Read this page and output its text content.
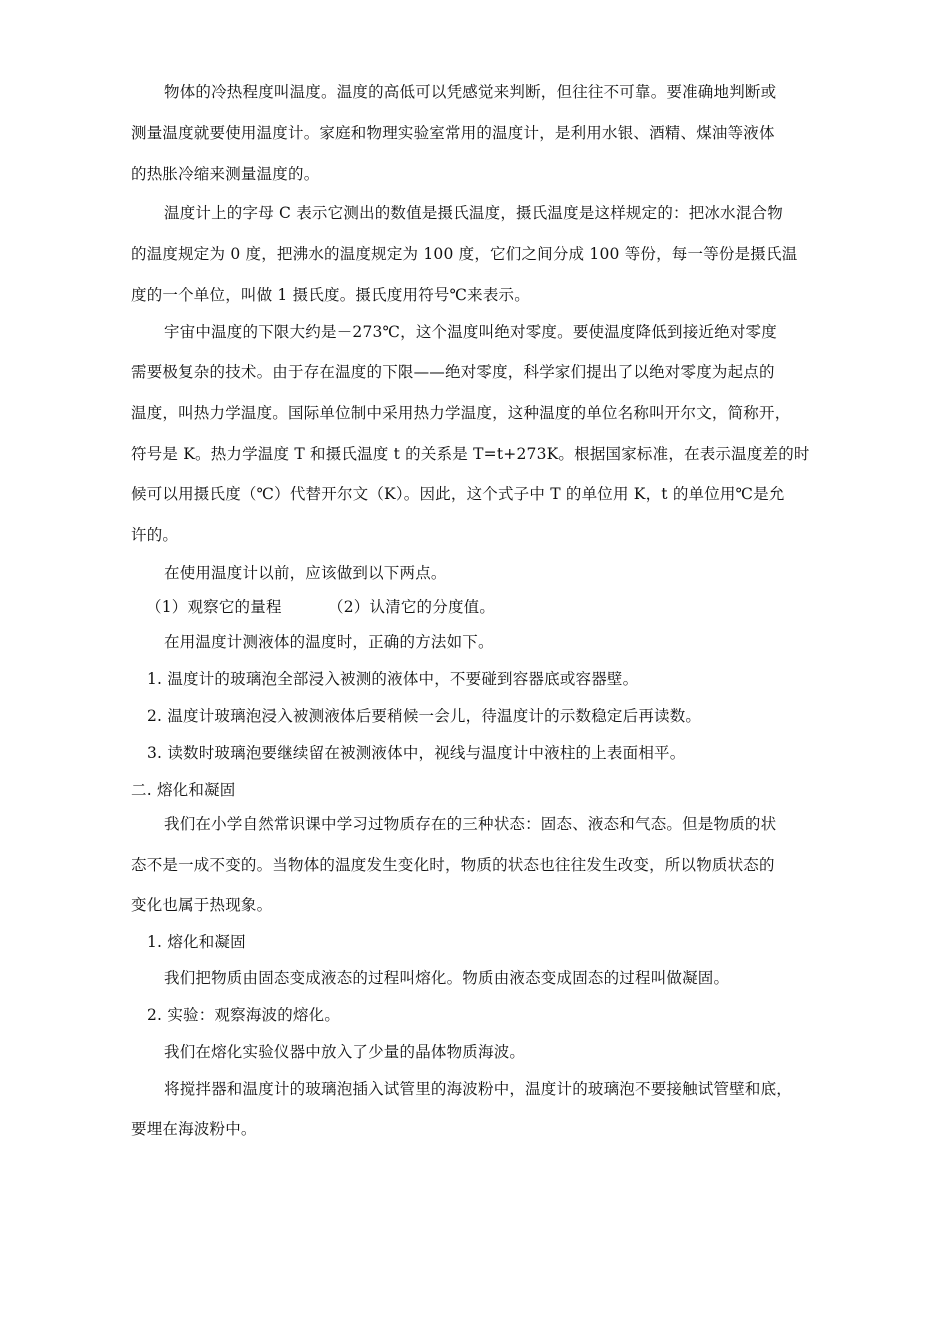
物体的冷热程度叫温度。温度的高低可以凭感觉来判断，但往往不可靠。要准确地判断或
测量温度就要使用温度计。家庭和物理实验室常用的温度计，是利用水银、酒精、煤油等液体
的热胀冷缩来测量温度的。
温度计上的字母 C 表示它测出的数值是摄氏温度，摄氏温度是这样规定的：把冰水混合物
的温度规定为 0 度，把沸水的温度规定为 100 度，它们之间分成 100 等份，每一等份是摄氏温
度的一个单位，叫做 1 摄氏度。摄氏度用符号℃来表示。
宇宙中温度的下限大约是－273℃，这个温度叫绝对零度。要使温度降低到接近绝对零度
需要极复杂的技术。由于存在温度的下限——绝对零度，科学家们提出了以绝对零度为起点的
温度，叫热力学温度。国际单位制中采用热力学温度，这种温度的单位名称叫开尔文，简称开，
符号是 K。热力学温度 T 和摄氏温度 t 的关系是 T=t+273K。根据国家标准，在表示温度差的时
候可以用摄氏度（℃）代替开尔文（K）。因此，这个式子中 T 的单位用 K，t 的单位用℃是允
许的。
在使用温度计以前，应该做到以下两点。
（1）观察它的量程	（2）认清它的分度值。
在用温度计测液体的温度时，正确的方法如下。
1. 温度计的玻璃泡全部浸入被测的液体中，不要碰到容器底或容器壁。
2. 温度计玻璃泡浸入被测液体后要稍候一会儿，待温度计的示数稳定后再读数。
3. 读数时玻璃泡要继续留在被测液体中，视线与温度计中液柱的上表面相平。
二. 熔化和凝固
我们在小学自然常识课中学习过物质存在的三种状态：固态、液态和气态。但是物质的状
态不是一成不变的。当物体的温度发生变化时，物质的状态也往往发生改变，所以物质状态的
变化也属于热现象。
1. 熔化和凝固
我们把物质由固态变成液态的过程叫熔化。物质由液态变成固态的过程叫做凝固。
2. 实验：观察海波的熔化。
我们在熔化实验仪器中放入了少量的晶体物质海波。
将搅拌器和温度计的玻璃泡插入试管里的海波粉中，温度计的玻璃泡不要接触试管壁和底，
要埋在海波粉中。
